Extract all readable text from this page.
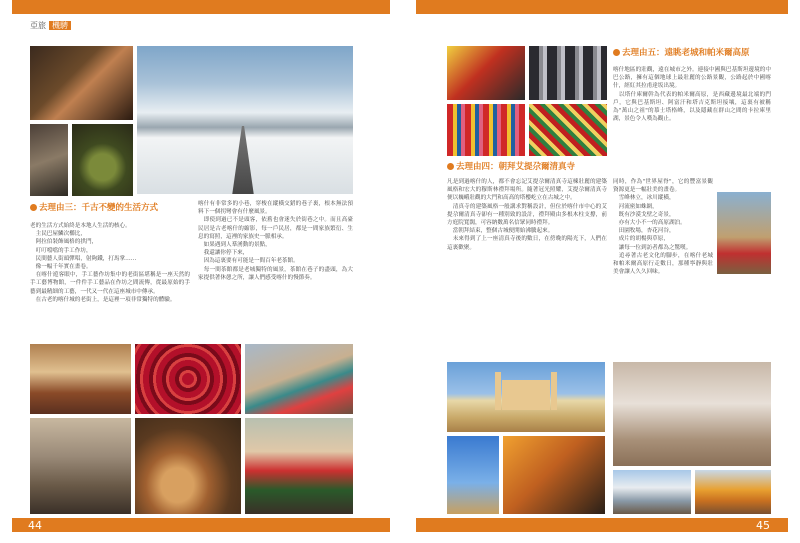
亞旅 機騁
去理由三：千古不變的生活方式
老的生活方式始終是本地人生活的核心。
　主民巴屋鱗次櫛比，
　阿拉伯裝飾風格的拱門，
　叮叮噹噹的手工作坊，
　民間藝人街頭彈唱，射夠鐵，打馬掌……
　像一幅千年實在畫卷。
　在喀什遊客眼中，手工藝作坊集中的老街區堪稱是一座天然的手工藝博物館，一件件手工藝品在作坊之間流傳，從最原始的手藝到最精細的工藝，一代又一代在這座城市中傳承。
　在古老的喀什城的老街上，是這裡一項非常獨特的體驗。
喀什有非常多的小巷，穿梭在縱橫交錯的巷子裏，根本無法預料下一個拐彎會有什麼風景。
　即使到過已不是頭客，依舊也會迷失於街巷之中。而且高臺民居是古老喀什的縮影，每一戶民居，都是一間家族繁衍、生息的寫照，這裡的家族史一脈相承。
　如果遇到人羣湧動的景點，
　我還讓你停下來，
　因為這裏要有可能是一間百年老茶館。
　每一間茶館都是老城獨特的風景，茶館在巷子的盡頭，為大家提供著休憩之所，讓人們感受喀什的慢節奏。
去理由五：遠眺老城和帕米爾高原
喀什地區的壯觀，遠在城市之外。連接中國與巴基斯坦邊境的中巴公路，擁有這個地球上最壯麗的公路景觀，公路起於中國喀什，經紅其拉甫達坂出境。
　以塔什庫爾幹為代表的帕米爾高原，是西藏邊境最北端的門戶，它與巴基斯坦、阿富汗和塔吉克斯坦接壤，這裏有被稱為"萬山之祖"的慕士塔格峰，以及隱藏在群山之間的卡拉庫里湖，景色令人嘆為觀止。
去理由四：朝拜艾提尕爾清真寺
凡是到過喀什的人，都不會忘記艾提尕爾清真寺這棟壯麗的建築風格和宏大的穆斯林禮拜場所。隨著冠光照耀，艾提尕爾清真寺便以巍峨壯觀的大門和高高的塔樓屹立在古城之中。
　清真寺的建築風格一般講求對稱設計，但位於喀什市中心的艾提尕爾清真寺卻有一種別致的設計，禮拜殿由多根木柱支撐，前方庭院寬闊，可容納數萬名信眾同時禮拜。
　當朝拜結束，整個古城便開始沸騰起來。
　未來得到了上一座清真寺後的數日，在傍晚的陽光下，人們在這裏歡聚。
同時，作為"世界屋脊"，它的豐富景觀資源更是一幅壯美的畫卷。
　雪峰林立，冰川縱橫，
　河流密如蛛網，
　既有沙漠戈壁之奇景，
　亦有大小不一的高原湖泊。
　田園牧場，杏花河谷，
　成片的胡楊與草原，
　讓每一位到訪者都為之驚嘆。
　追尋著古老文化的腳步，在喀什老城和帕米爾高原行走數日，那種寧靜與壯美會讓人久久回味。
44	45
